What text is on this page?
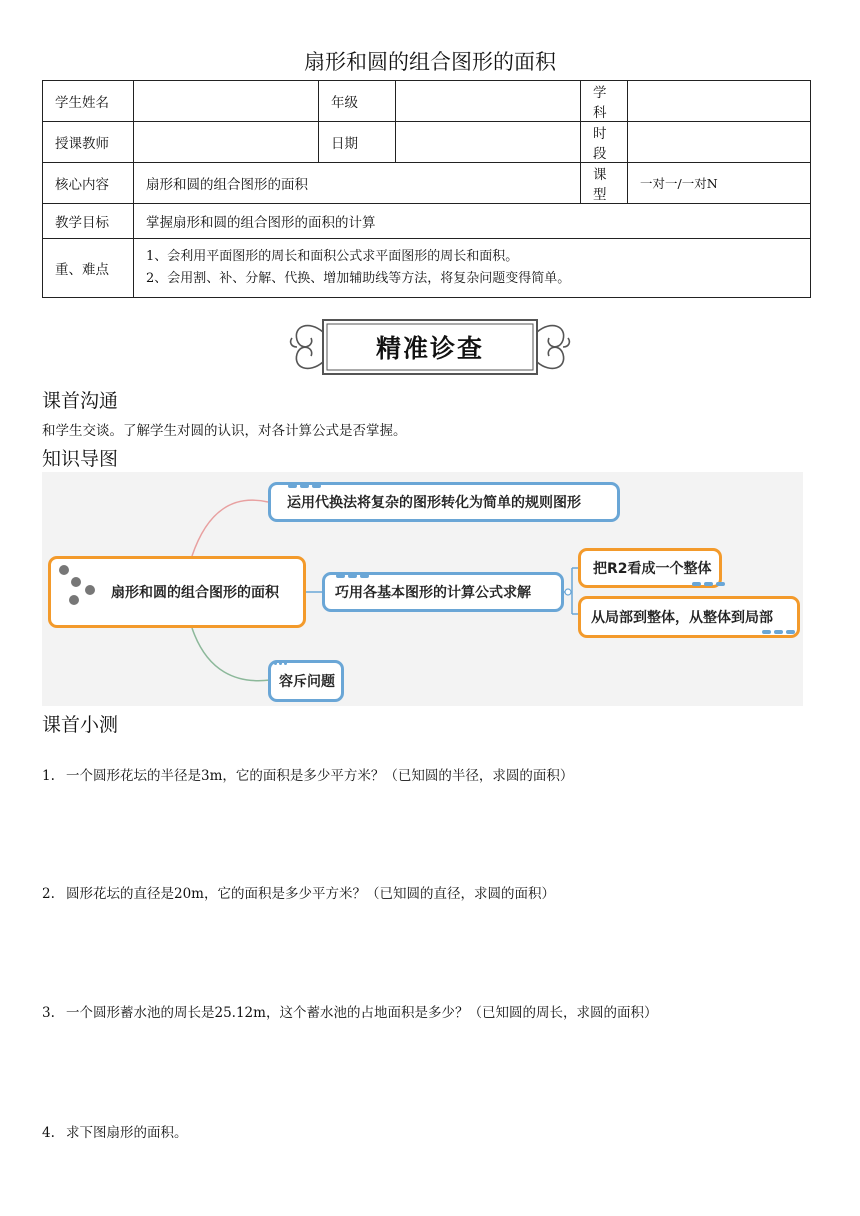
扇形和圆的组合图形的面积
学生姓名		年级		学科	
授课教师		日期		时段	
核心内容	扇形和圆的组合图形的面积			课型	一对一/一对N
教学目标	掌握扇形和圆的组合图形的面积的计算				
重、难点	1、会利用平面图形的周长和面积公式求平面图形的周长和面积。
2、会用割、补、分解、代换、增加辅助线等方法，将复杂问题变得简单。				
精准诊查
课首沟通
和学生交谈。了解学生对圆的认识，对各计算公式是否掌握。
知识导图
扇形和圆的组合图形的面积
运用代换法将复杂的图形转化为简单的规则图形
巧用各基本图形的计算公式求解
把R2看成一个整体
从局部到整体，从整体到局部
容斥问题
课首小测
1. 一个圆形花坛的半径是3m，它的面积是多少平方米？（已知圆的半径，求圆的面积）
2. 圆形花坛的直径是20m，它的面积是多少平方米？（已知圆的直径，求圆的面积）
3. 一个圆形蓄水池的周长是25.12m，这个蓄水池的占地面积是多少？（已知圆的周长，求圆的面积）
4. 求下图扇形的面积。
